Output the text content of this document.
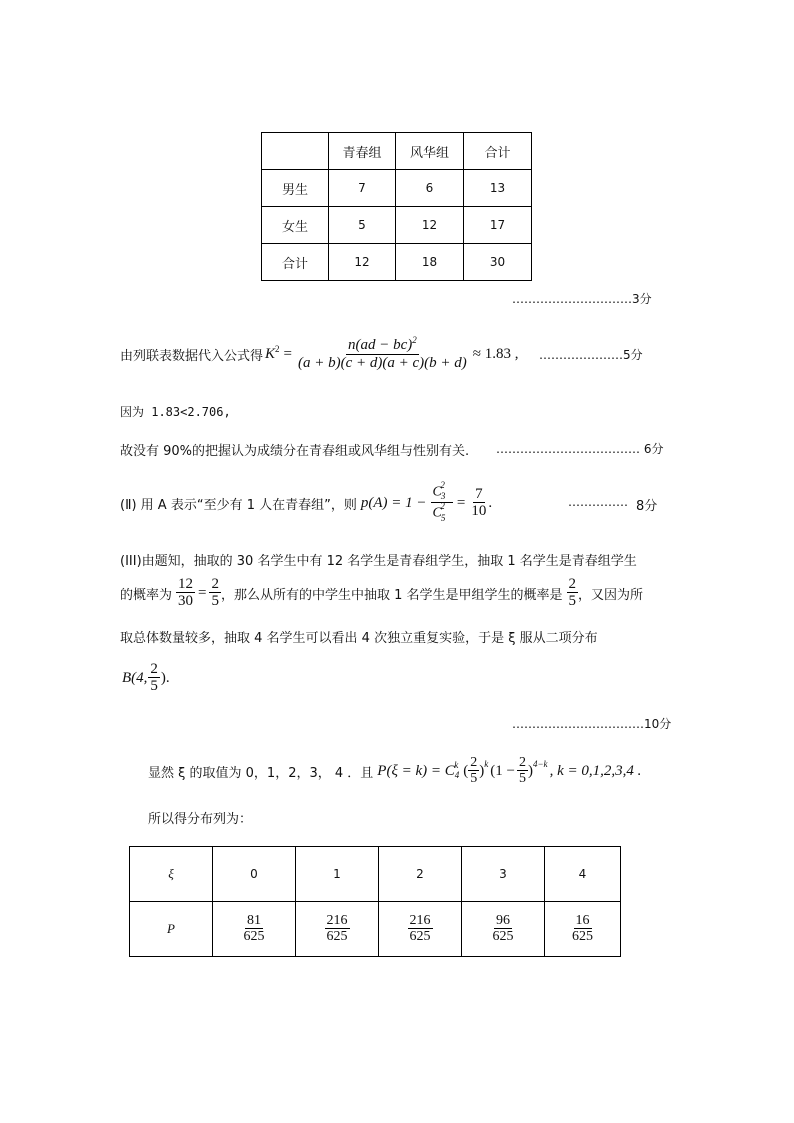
	青春组	风华组	合计
男生	7	6	13
女生	5	12	17
合计	12	18	30
…………………………3分
由列联表数据代入公式得 $K^2 = \frac{n(ad - bc)^2}{(a + b)(c + d)(a + c)(b + d)} \approx 1.83$ , …………………5分
因为 1.83<2.706,
故没有 90%的把握认为成绩分在青春组或风华组与性别有关. ……………………………… 6分
(Ⅱ) 用 A 表示“至少有 1 人在青春组”，则 $p(A) = 1 - \frac{C_3^2}{C_5^2} = \frac{7}{10}$ .	…………… 8分
(III)由题知，抽取的 30 名学生中有 12 名学生是青春组学生，抽取 1 名学生是青春组学生
的概率为 $\frac{12}{30} = \frac{2}{5}$ ，那么从所有的中学生中抽取 1 名学生是甲组学生的概率是 $\frac{2}{5}$ ，又因为所
取总体数量较多，抽取 4 名学生可以看出 4 次独立重复实验，于是 ξ 服从二项分布
B(4, $\frac{2}{5}$ ).
……………………………10分
显然 ξ 的取值为 0，1，2，3， 4 ．且 $P(\xi = k) = C_4$
$^k$ ( $\frac{2}{5} )^k$ $(1 - \frac{2}{5} )^{4-k}$ , k = 0,1,2,3,4 .
所以得分布列为：
ξ	0	1	2	3	4
P	$\frac{81}{625}$	$\frac{216}{625}$	$\frac{216}{625}$	$\frac{96}{625}$	$\frac{16}{625}$
